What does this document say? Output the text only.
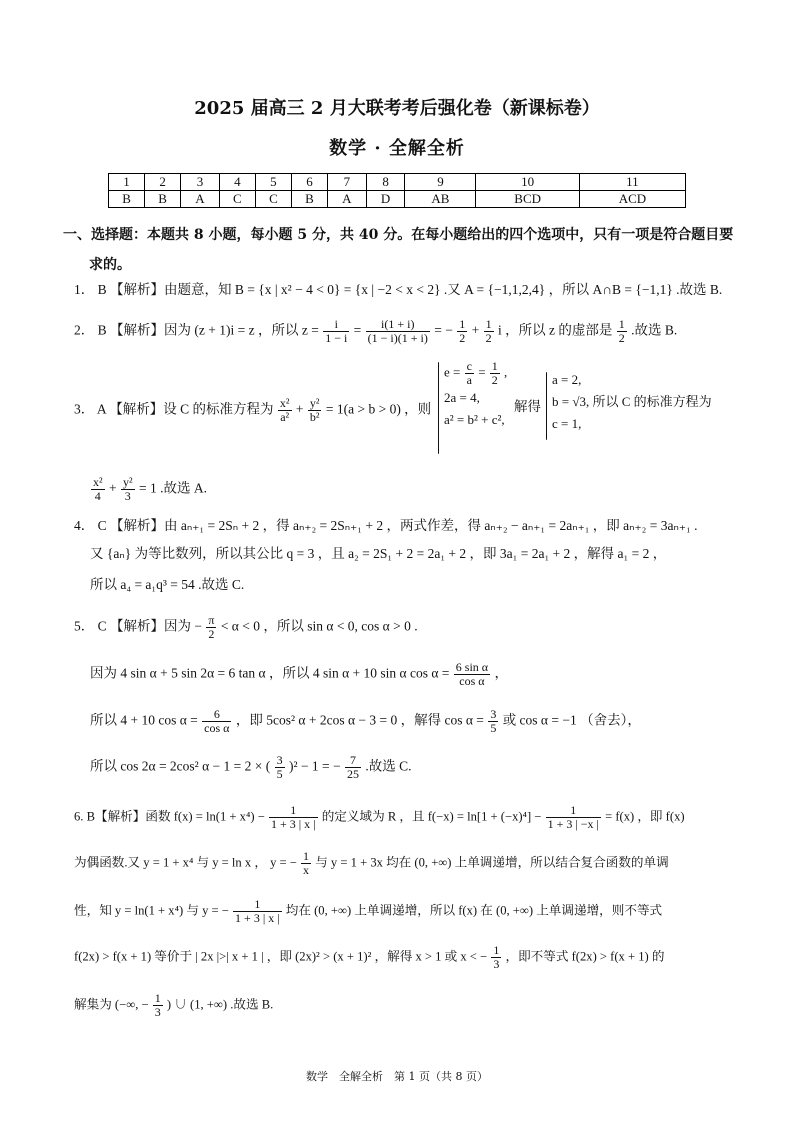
2025 届高三 2 月大联考考后强化卷（新课标卷）
数学 · 全解全析
1	2	3	4	5	6	7	8	9	10	11
B	B	A	C	C	B	A	D	AB	BCD	ACD
一、选择题：本题共 8 小题，每小题 5 分，共 40 分。在每小题给出的四个选项中，只有一项是符合题目要
求的。
1． B 【解析】由题意，知 B = {x | x² − 4 < 0} = {x | −2 < x < 2} .又 A = {−1,1,2,4} ，所以 A∩B = {−1,1} .故选 B.
2． B 【解析】因为 (z + 1)i = z ，所以 $z = \frac{i}{1 - i} = \frac{i(1 + i)}{(1 - i)(1 + i)}$ = − $\frac{1}{2} + \frac{1}{2}$ i ，所以 z 的虚部是 $\frac{1}{2}$ .故选 B.
3． A 【解析】设 C 的标准方程为 $\frac{\text{x²}}{\text{a²}} + \frac{\text{y²}}{\text{b²}} = 1(a > b > 0)$ ，则
$e = \frac{c}{a} = \frac{1}{2}$ ,
2a = 4,
a² = b² + c²,
解得
a = 2,
b = √3, 所以 C 的标准方程为
c = 1,
$\frac{\text{x²}}{4} + \frac{\text{y²}}{3} = 1$ .故选 A.
4． C 【解析】由 aₙ₊₁ = 2Sₙ + 2 ，得 aₙ₊₂ = 2Sₙ₊₁ + 2 ，两式作差，得 aₙ₊₂ − aₙ₊₁ = 2aₙ₊₁ ，即 aₙ₊₂ = 3aₙ₊₁ .
又 {aₙ} 为等比数列，所以其公比 q = 3 ，且 a₂ = 2S₁ + 2 = 2a₁ + 2 ，即 3a₁ = 2a₁ + 2 ，解得 a₁ = 2 ，
所以 a₄ = a₁q³ = 54 .故选 C.
5． C 【解析】因为 − $\frac{\pi}{2} < \alpha < 0$ ，所以 sin α < 0, cos α > 0 .
因为 4 sin α + 5 sin 2α = 6 tan α ，所以 4 sin α + 10 sin α $\cos \alpha = \frac{\text{6 sin α}}{\text{cos α}}$ ，
所以 4 + 10 $\cos \alpha = \frac{6}{\text{cos α}}$ ，即 5cos² α + 2cos α − 3 = 0 ，解得 $\cos \alpha = \frac{3}{5}$ 或 cos α = −1 （舍去），
所以 cos 2α = 2cos² α − 1 = 2 × ( $\frac{3}{5} )^2 - 1$ = − $\frac{7}{25}$ .故选 C.
6. B【解析】函数 $f(x) = \ln(1 + x^4) - \frac{1}{1 + 3 | x |}$ 的定义域为 R ，且 $f(-x) = \ln[1 + (-x)^4] - \frac{1}{1 + 3 | -x |} = f(x)$ ，即 f(x)
为偶函数.又 y = 1 + x⁴ 与 y = ln x ， y = − $\frac{1}{x}$ 与 y = 1 + 3x 均在 (0, +∞) 上单调递增，所以结合复合函数的单调
性，知 y = ln(1 + x⁴) 与 y = − $\frac{1}{1 + 3 | x |}$ 均在 (0, +∞) 上单调递增，所以 f(x) 在 (0, +∞) 上单调递增，则不等式
f(2x) > f(x + 1) 等价于 | 2x |>| x + 1 | ，即 (2x)² > (x + 1)² ，解得 x > 1 或 x < − $\frac{1}{3}$ ，即不等式 f(2x) > f(x + 1) 的
解集为 (−∞, − $\frac{1}{3}$ ) ∪ (1, +∞) .故选 B.
数学　全解全析　第 1 页（共 8 页）
